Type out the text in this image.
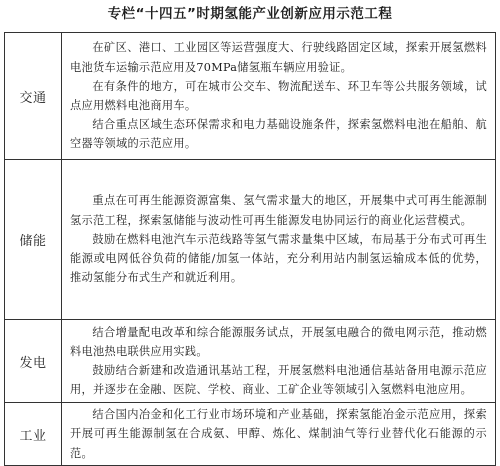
专栏“十四五”时期氢能产业创新应用示范工程
交通	在矿区、港口、工业园区等运营强度大、行驶线路固定区域，探索开展氢燃料电池货车运输示范应用及70MPa储氢瓶车辆应用验证。

在有条件的地方，可在城市公交车、物流配送车、环卫车等公共服务领域，试点应用燃料电池商用车。

结合重点区域生态环保需求和电力基础设施条件，探索氢燃料电池在船舶、航空器等领域的示范应用。

储能	重点在可再生能源资源富集、氢气需求量大的地区，开展集中式可再生能源制氢示范工程，探索氢储能与波动性可再生能源发电协同运行的商业化运营模式。

鼓励在燃料电池汽车示范线路等氢气需求量集中区域，布局基于分布式可再生能源或电网低谷负荷的储能/加氢一体站，充分利用站内制氢运输成本低的优势，推动氢能分布式生产和就近利用。

发电	结合增量配电改革和综合能源服务试点，开展氢电融合的微电网示范，推动燃料电池热电联供应用实践。

鼓励结合新建和改造通讯基站工程，开展氢燃料电池通信基站备用电源示范应用，并逐步在金融、医院、学校、商业、工矿企业等领域引入氢燃料电池应用。

工业	结合国内冶金和化工行业市场环境和产业基础，探索氢能冶金示范应用，探索开展可再生能源制氢在合成氨、甲醇、炼化、煤制油气等行业替代化石能源的示范。
